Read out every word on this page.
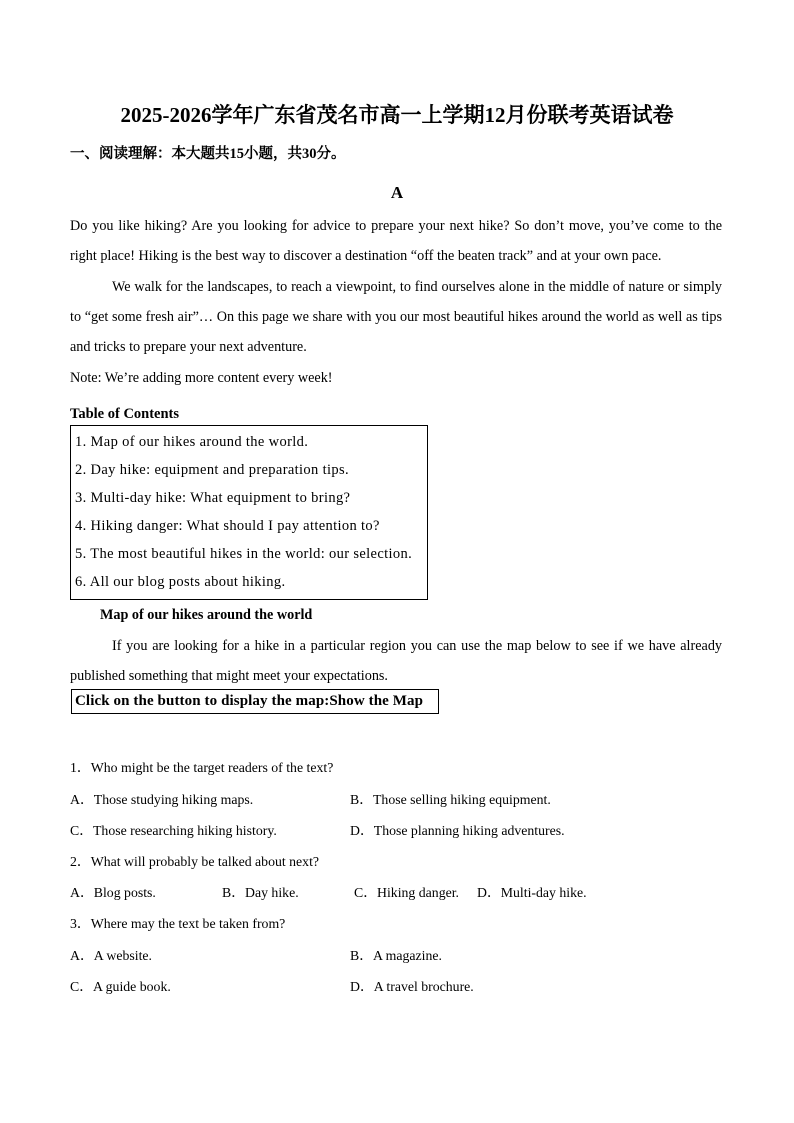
2025-2026学年广东省茂名市高一上学期12月份联考英语试卷
一、阅读理解：本大题共15小题，共30分。
A
Do you like hiking? Are you looking for advice to prepare your next hike? So don’t move, you’ve come to the right place! Hiking is the best way to discover a destination “off the beaten track” and at your own pace.
We walk for the landscapes, to reach a viewpoint, to find ourselves alone in the middle of nature or simply to “get some fresh air”… On this page we share with you our most beautiful hikes around the world as well as tips and tricks to prepare your next adventure.
Note: We’re adding more content every week!
Table of Contents
1. Map of our hikes around the world.
2. Day hike: equipment and preparation tips.
3. Multi-day hike: What equipment to bring?
4. Hiking danger: What should I pay attention to?
5. The most beautiful hikes in the world: our selection.
6. All our blog posts about hiking.
Map of our hikes around the world
If you are looking for a hike in a particular region you can use the map below to see if we have already published something that might meet your expectations.
Click on the button to display the map:Show the Map
1．Who might be the target readers of the text?
A．Those studying hiking maps.	B．Those selling hiking equipment.
C．Those researching hiking history.	D．Those planning hiking adventures.
2．What will probably be talked about next?
A．Blog posts.	B．Day hike.	C．Hiking danger. D．Multi-day hike.
3．Where may the text be taken from?
A．A website.	B．A magazine.
C．A guide book.	D．A travel brochure.
